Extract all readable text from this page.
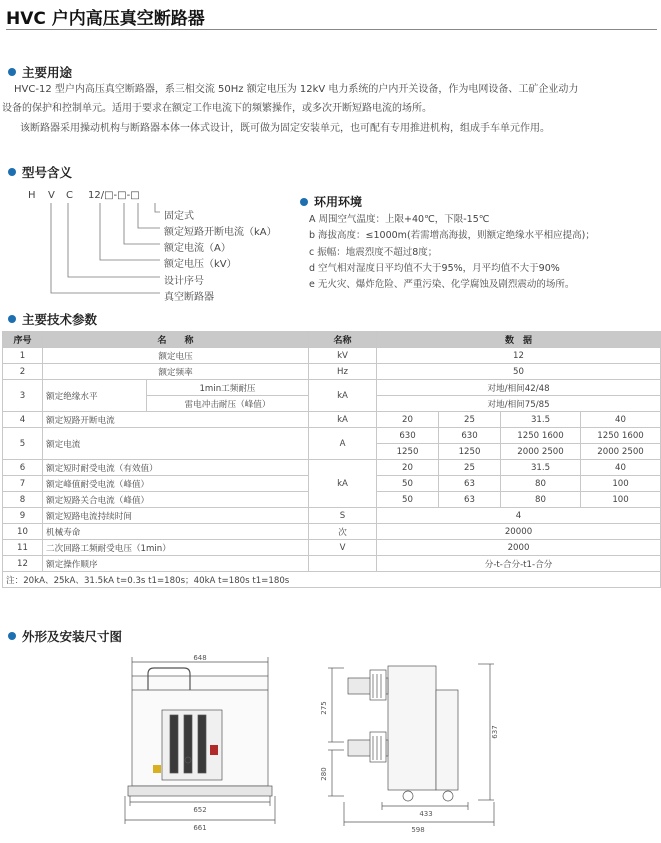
HVC 户内高压真空断路器
主要用途
HVC-12 型户内高压真空断路器，系三相交流 50Hz 额定电压为 12kV 电力系统的户内开关设备，作为电网设备、工矿企业动力
设备的保护和控制单元。适用于要求在额定工作电流下的频繁操作，或多次开断短路电流的场所。
该断路器采用操动机构与断路器本体一体式设计，既可做为固定安装单元，也可配有专用推进机构，组成手车单元作用。
型号含义
H V C 12/□-□-□
固定式
额定短路开断电流（kA）
额定电流（A）
额定电压（kV）
设计序号
真空断路器
环用环境
A 周围空气温度：上限+40℃，下限-15℃
b 海拔高度：≤1000m(若需增高海拔，则额定绝缘水平相应提高)；
c 振幅：地震烈度不超过8度；
d 空气相对湿度日平均值不大于95%，月平均值不大于90%
e 无火灾、爆炸危险、严重污染、化学腐蚀及剧烈震动的场所。
主要技术参数
序号	名　　称		名称	数　据			
1	额定电压		kV	12			
2	额定频率		Hz	50			
3	额定绝缘水平	1min工频耐压	kA	对地/相间42/48			
		雷电冲击耐压（峰值）		对地/相间75/85			
4	额定短路开断电流		kA	20	25	31.5	40
5	额定电流		A	630	630	1250 1600	1250 1600
				1250	1250	2000 2500	2000 2500
6	额定短时耐受电流（有效值）		kA	20	25	31.5	40
7	额定峰值耐受电流（峰值）			50	63	80	100
8	额定短路关合电流（峰值）			50	63	80	100
9	额定短路电流持续时间		S	4			
10	机械寿命		次	20000			
11	二次回路工频耐受电压（1min）		V	2000			
12	额定操作顺序			分-t-合分-t1-合分			
注：20kA、25kA、31.5kA t=0.3s t1=180s；40kA t=180s t1=180s							
外形及安装尺寸图
648
652
661
275
280
637
433
598
